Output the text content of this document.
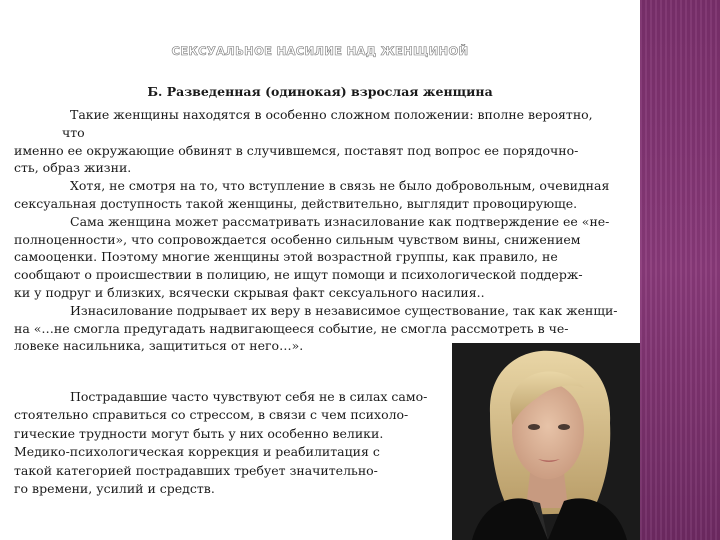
СЕКСУАЛЬНОЕ НАСИЛИЕ НАД ЖЕНЩИНОЙ
Б. Разведенная (одинокая) взрослая женщина
Такие женщины находятся в особенно сложном положении: вполне вероятно,
что
именно ее окружающие обвинят в случившемся, поставят под вопрос ее порядочно-
сть, образ жизни.
Хотя, не смотря на то, что вступление в связь не было добровольным, очевидная
сексуальная доступность такой женщины, действительно, выглядит провоцирующе.
Сама женщина может рассматривать изнасилование как подтверждение ее «не-
полноценности», что сопровождается особенно сильным чувством вины, снижением
самооценки. Поэтому многие женщины этой возрастной группы, как правило, не
сообщают о происшествии в полицию, не ищут помощи и психологической поддерж-
ки у подруг и близких, всячески скрывая факт сексуального насилия..
Изнасилование подрывает их веру в независимое существование, так как женщи-
на «…не смогла предугадать надвигающееся событие, не смогла рассмотреть в че-
ловеке насильника, защититься от него…».
Пострадавшие часто чувствуют себя не в силах само-
стоятельно справиться со стрессом, в связи с чем психоло-
гические трудности могут быть у них особенно велики.
Медико-психологическая коррекция и реабилитация с
такой категорией пострадавших требует значительно-
го времени, усилий и средств.
